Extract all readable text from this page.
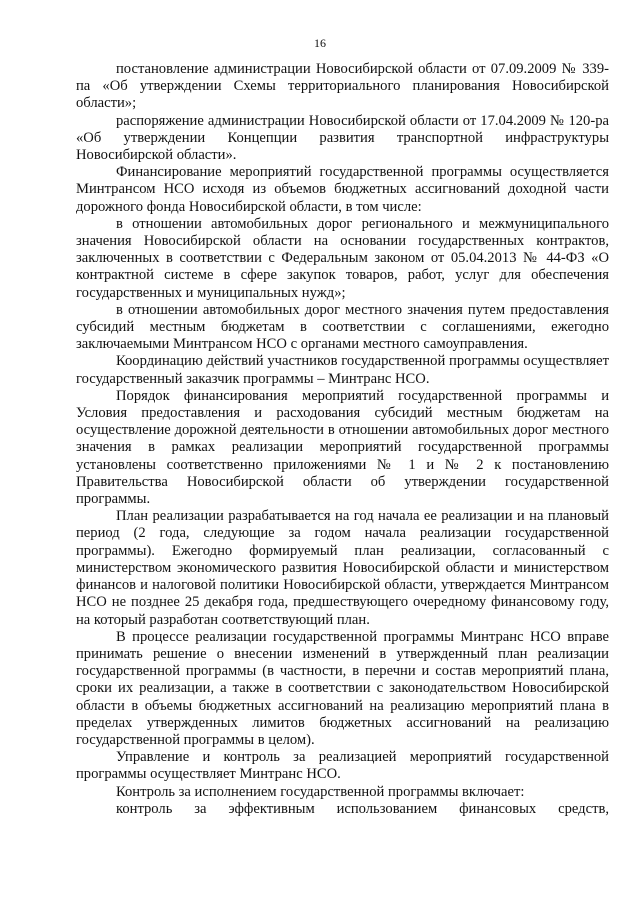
16

постановление администрации Новосибирской области от 07.09.2009 № 339-па «Об утверждении Схемы территориального планирования Новосибирской области»;

распоряжение администрации Новосибирской области от 17.04.2009 № 120-ра «Об утверждении Концепции развития транспортной инфраструктуры Новосибирской области».

Финансирование мероприятий государственной программы осуществляется Минтрансом НСО исходя из объемов бюджетных ассигнований доходной части дорожного фонда Новосибирской области, в том числе:

в отношении автомобильных дорог регионального и межмуниципального значения Новосибирской области на основании государственных контрактов, заключенных в соответствии с Федеральным законом от 05.04.2013 № 44-ФЗ «О контрактной системе в сфере закупок товаров, работ, услуг для обеспечения государственных и муниципальных нужд»;

в отношении автомобильных дорог местного значения путем предоставления субсидий местным бюджетам в соответствии с соглашениями, ежегодно заключаемыми Минтрансом НСО с органами местного самоуправления.

Координацию действий участников государственной программы осуществляет государственный заказчик программы – Минтранс НСО.

Порядок финансирования мероприятий государственной программы и Условия предоставления и расходования субсидий местным бюджетам на осуществление дорожной деятельности в отношении автомобильных дорог местного значения в рамках реализации мероприятий государственной программы установлены соответственно приложениями № 1 и № 2 к постановлению Правительства Новосибирской области об утверждении государственной программы.

План реализации разрабатывается на год начала ее реализации и на плановый период (2 года, следующие за годом начала реализации государственной программы). Ежегодно формируемый план реализации, согласованный с министерством экономического развития Новосибирской области и министерством финансов и налоговой политики Новосибирской области, утверждается Минтрансом НСО не позднее 25 декабря года, предшествующего очередному финансовому году, на который разработан соответствующий план.

В процессе реализации государственной программы Минтранс НСО вправе принимать решение о внесении изменений в утвержденный план реализации государственной программы (в частности, в перечни и состав мероприятий плана, сроки их реализации, а также в соответствии с законодательством Новосибирской области в объемы бюджетных ассигнований на реализацию мероприятий плана в пределах утвержденных лимитов бюджетных ассигнований на реализацию государственной программы в целом).

Управление и контроль за реализацией мероприятий государственной программы осуществляет Минтранс НСО.

Контроль за исполнением государственной программы включает:

контроль за эффективным использованием финансовых средств,
